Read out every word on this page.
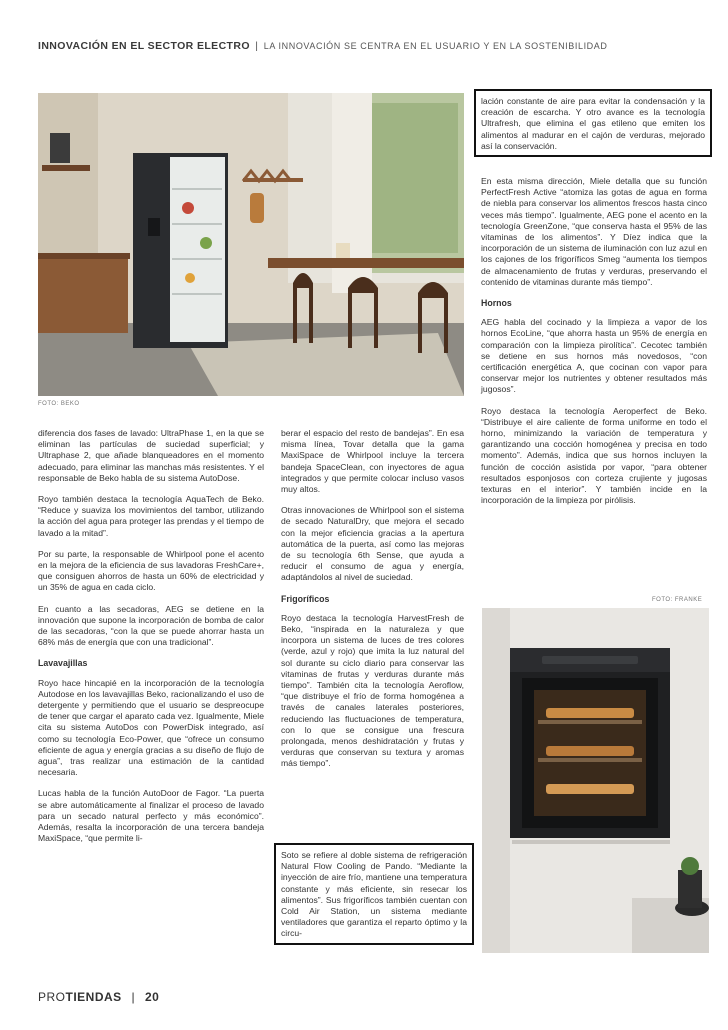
INNOVACIÓN EN EL SECTOR ELECTRO | LA INNOVACIÓN SE CENTRA EN EL USUARIO Y EN LA SOSTENIBILIDAD
FOTO: BEKO

diferencia dos fases de lavado: UltraPhase 1, en la que se eliminan las partículas de suciedad superficial; y Ultraphase 2, que añade blanqueadores en el momento adecuado, para eliminar las manchas más resistentes. Y el responsable de Beko habla de su sistema AutoDose.

Royo también destaca la tecnología AquaTech de Beko. “Reduce y suaviza los movimientos del tambor, utilizando la acción del agua para proteger las prendas y el tiempo de lavado a la mitad”.

Por su parte, la responsable de Whirlpool pone el acento en la mejora de la eficiencia de sus lavadoras FreshCare+, que consiguen ahorros de hasta un 60% de electricidad y un 35% de agua en cada ciclo.

En cuanto a las secadoras, AEG se detiene en la innovación que supone la incorporación de bomba de calor de las secadoras, “con la que se puede ahorrar hasta un 68% más de energía que con una tradicional”.

Lavavajillas

Royo hace hincapié en la incorporación de la tecnología Autodose en los lavavajillas Beko, racionalizando el uso de detergente y permitiendo que el usuario se despreocupe de tener que cargar el aparato cada vez. Igualmente, Miele cita su sistema AutoDos con PowerDisk integrado, así como su tecnología Eco-Power, que “ofrece un consumo eficiente de agua y energía gracias a su diseño de flujo de agua”, tras realizar una estimación de la cantidad necesaria.

Lucas habla de la función AutoDoor de Fagor. “La puerta se abre automáticamente al finalizar el proceso de lavado para un secado natural perfecto y más económico”. Además, resalta la incorporación de una tercera bandeja MaxiSpace, “que permite li-

berar el espacio del resto de bandejas”. En esa misma línea, Tovar detalla que la gama MaxiSpace de Whirlpool incluye la tercera bandeja SpaceClean, con inyectores de agua integrados y que permite colocar incluso vasos muy altos.

Otras innovaciones de Whirlpool son el sistema de secado NaturalDry, que mejora el secado con la mejor eficiencia gracias a la apertura automática de la puerta, así como las mejoras de su tecnología 6th Sense, que ayuda a reducir el consumo de agua y energía, adaptándolos al nivel de suciedad.

Frigoríficos

Royo destaca la tecnología HarvestFresh de Beko, “inspirada en la naturaleza y que incorpora un sistema de luces de tres colores (verde, azul y rojo) que imita la luz natural del sol durante su ciclo diario para conservar las vitaminas de frutas y verduras durante más tiempo”. También cita la tecnología Aeroflow, “que distribuye el frío de forma homogénea a través de canales laterales posteriores, reduciendo las fluctuaciones de temperatura, con lo que se consigue una frescura prolongada, menos deshidratación y frutas y verduras que conservan su textura y aromas más tiempo”.

Soto se refiere al doble sistema de refrigeración Natural Flow Cooling de Pando. “Mediante la inyección de aire frío, mantiene una temperatura constante y más eficiente, sin resecar los alimentos”. Sus frigoríficos también cuentan con Cold Air Station, un sistema mediante ventiladores que garantiza el reparto óptimo y la circu-
lación constante de aire para evitar la condensación y la creación de escarcha. Y otro avance es la tecnología Ultrafresh, que elimina el gas etileno que emiten los alimentos al madurar en el cajón de verduras, mejorado así la conservación.

En esta misma dirección, Miele detalla que su función PerfectFresh Active “atomiza las gotas de agua en forma de niebla para conservar los alimentos frescos hasta cinco veces más tiempo”. Igualmente, AEG pone el acento en la tecnología GreenZone, “que conserva hasta el 95% de las vitaminas de los alimentos”. Y Díez indica que la incorporación de un sistema de iluminación con luz azul en los cajones de los frigoríficos Smeg “aumenta los tiempos de almacenamiento de frutas y verduras, preservando el contenido de vitaminas durante más tiempo”.

Hornos

AEG habla del cocinado y la limpieza a vapor de los hornos EcoLine, “que ahorra hasta un 95% de energía en comparación con la limpieza pirolítica”. Cecotec también se detiene en sus hornos más novedosos, “con certificación energética A, que cocinan con vapor para conservar mejor los nutrientes y obtener resultados más jugosos”.

Royo destaca la tecnología Aeroperfect de Beko. “Distribuye el aire caliente de forma uniforme en todo el horno, minimizando la variación de temperatura y garantizando una cocción homogénea y precisa en todo momento”. Además, indica que sus hornos incluyen la función de cocción asistida por vapor, “para obtener resultados esponjosos con corteza crujiente y jugosas texturas en el interior”. Y también incide en la incorporación de la limpieza por pirólisis.

FOTO: FRANKE
PROTIENDAS | 20
